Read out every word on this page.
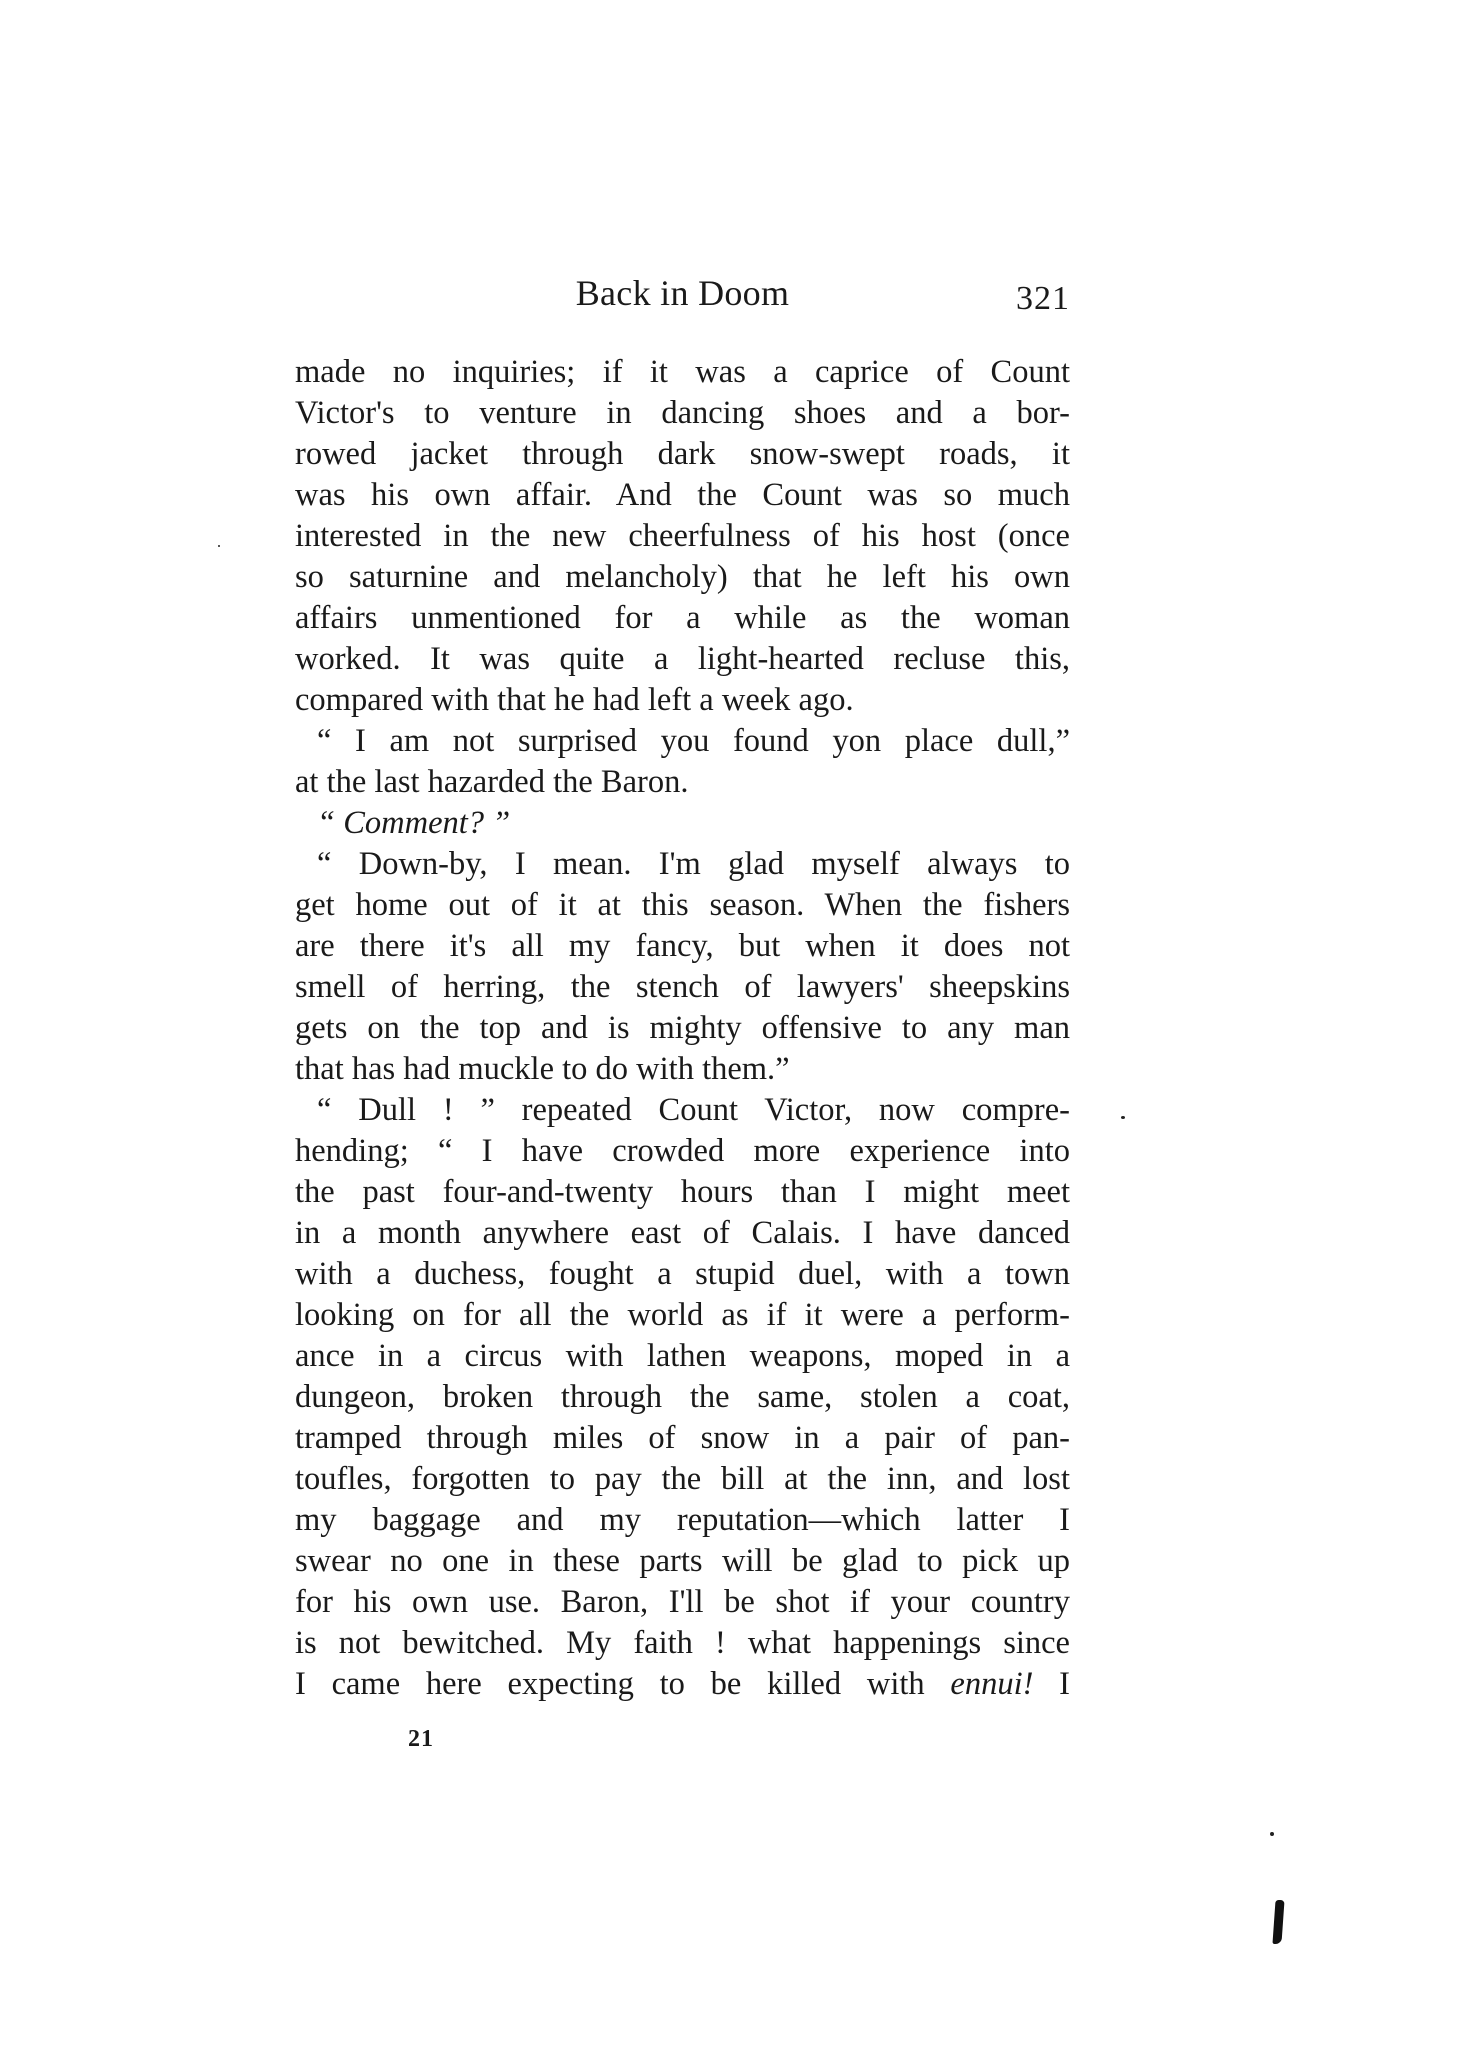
Back in Doom	321
made no inquiries; if it was a caprice of Count
Victor's to venture in dancing shoes and a bor-
rowed jacket through dark snow-swept roads, it
was his own affair. And the Count was so much
interested in the new cheerfulness of his host (once
so saturnine and melancholy) that he left his own
affairs unmentioned for a while as the woman
worked. It was quite a light-hearted recluse this,
compared with that he had left a week ago.
“ I am not surprised you found yon place dull,”
at the last hazarded the Baron.
“ Comment? ”
“ Down-by, I mean. I'm glad myself always to
get home out of it at this season. When the fishers
are there it's all my fancy, but when it does not
smell of herring, the stench of lawyers' sheepskins
gets on the top and is mighty offensive to any man
that has had muckle to do with them.”
“ Dull ! ” repeated Count Victor, now compre-
hending; “ I have crowded more experience into
the past four-and-twenty hours than I might meet
in a month anywhere east of Calais. I have danced
with a duchess, fought a stupid duel, with a town
looking on for all the world as if it were a perform-
ance in a circus with lathen weapons, moped in a
dungeon, broken through the same, stolen a coat,
tramped through miles of snow in a pair of pan-
toufles, forgotten to pay the bill at the inn, and lost
my baggage and my reputation—which latter I
swear no one in these parts will be glad to pick up
for his own use. Baron, I'll be shot if your country
is not bewitched. My faith ! what happenings since
I came here expecting to be killed with ennui! I
21
